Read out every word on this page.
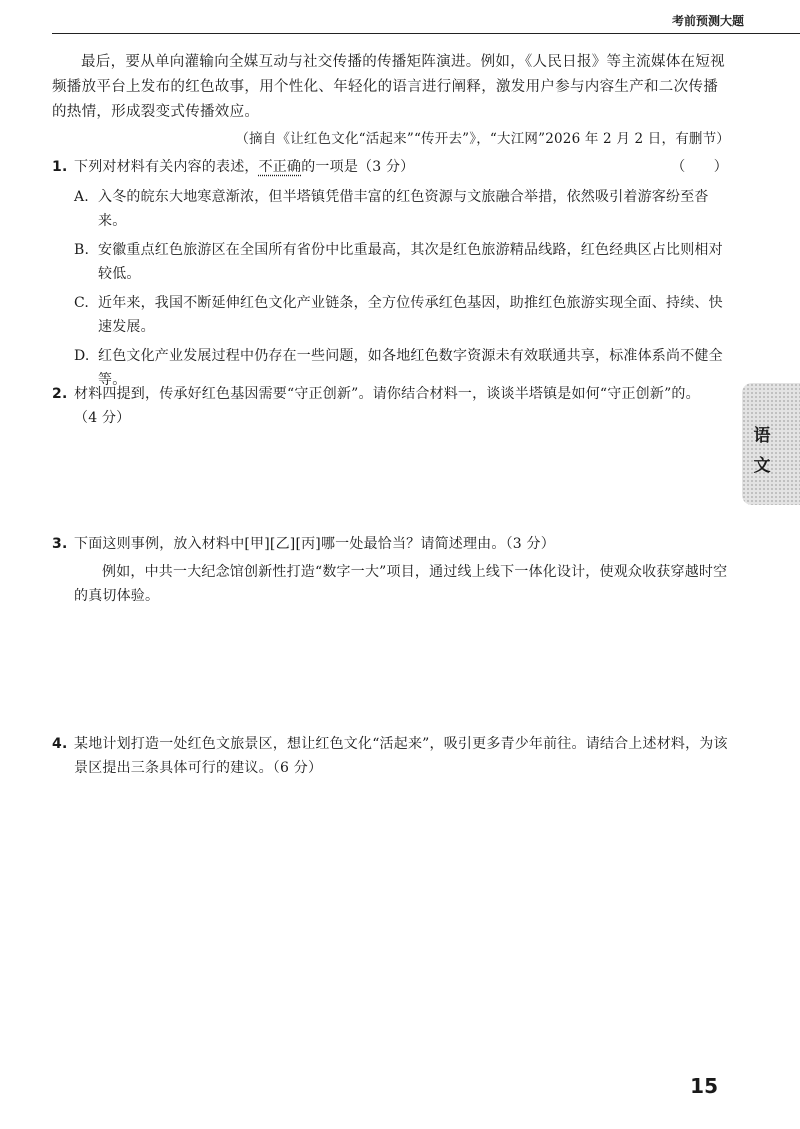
考前预测大题

最后，要从单向灌输向全媒互动与社交传播的传播矩阵演进。例如，《人民日报》等主流媒体在短视频播放平台上发布的红色故事，用个性化、年轻化的语言进行阐释，激发用户参与内容生产和二次传播的热情，形成裂变式传播效应。

（摘自《让红色文化“活起来”“传开去”》，“大江网”2026 年 2 月 2 日，有删节）
1. 下列对材料有关内容的表述，不正确的一项是（3 分）	（　　）
A. 入冬的皖东大地寒意渐浓，但半塔镇凭借丰富的红色资源与文旅融合举措，依然吸引着游客纷至沓来。
B. 安徽重点红色旅游区在全国所有省份中比重最高，其次是红色旅游精品线路，红色经典区占比则相对较低。
C. 近年来，我国不断延伸红色文化产业链条，全方位传承红色基因，助推红色旅游实现全面、持续、快速发展。
D. 红色文化产业发展过程中仍存在一些问题，如各地红色数字资源未有效联通共享，标准体系尚不健全等。
2. 材料四提到，传承好红色基因需要“守正创新”。请你结合材料一，谈谈半塔镇是如何“守正创新”的。（4 分）
3. 下面这则事例，放入材料中[甲][乙][丙]哪一处最恰当？请简述理由。（3 分）
例如，中共一大纪念馆创新性打造“数字一大”项目，通过线上线下一体化设计，使观众收获穿越时空的真切体验。
4. 某地计划打造一处红色文旅景区，想让红色文化“活起来”，吸引更多青少年前往。请结合上述材料，为该景区提出三条具体可行的建议。（6 分）
语
文
15
